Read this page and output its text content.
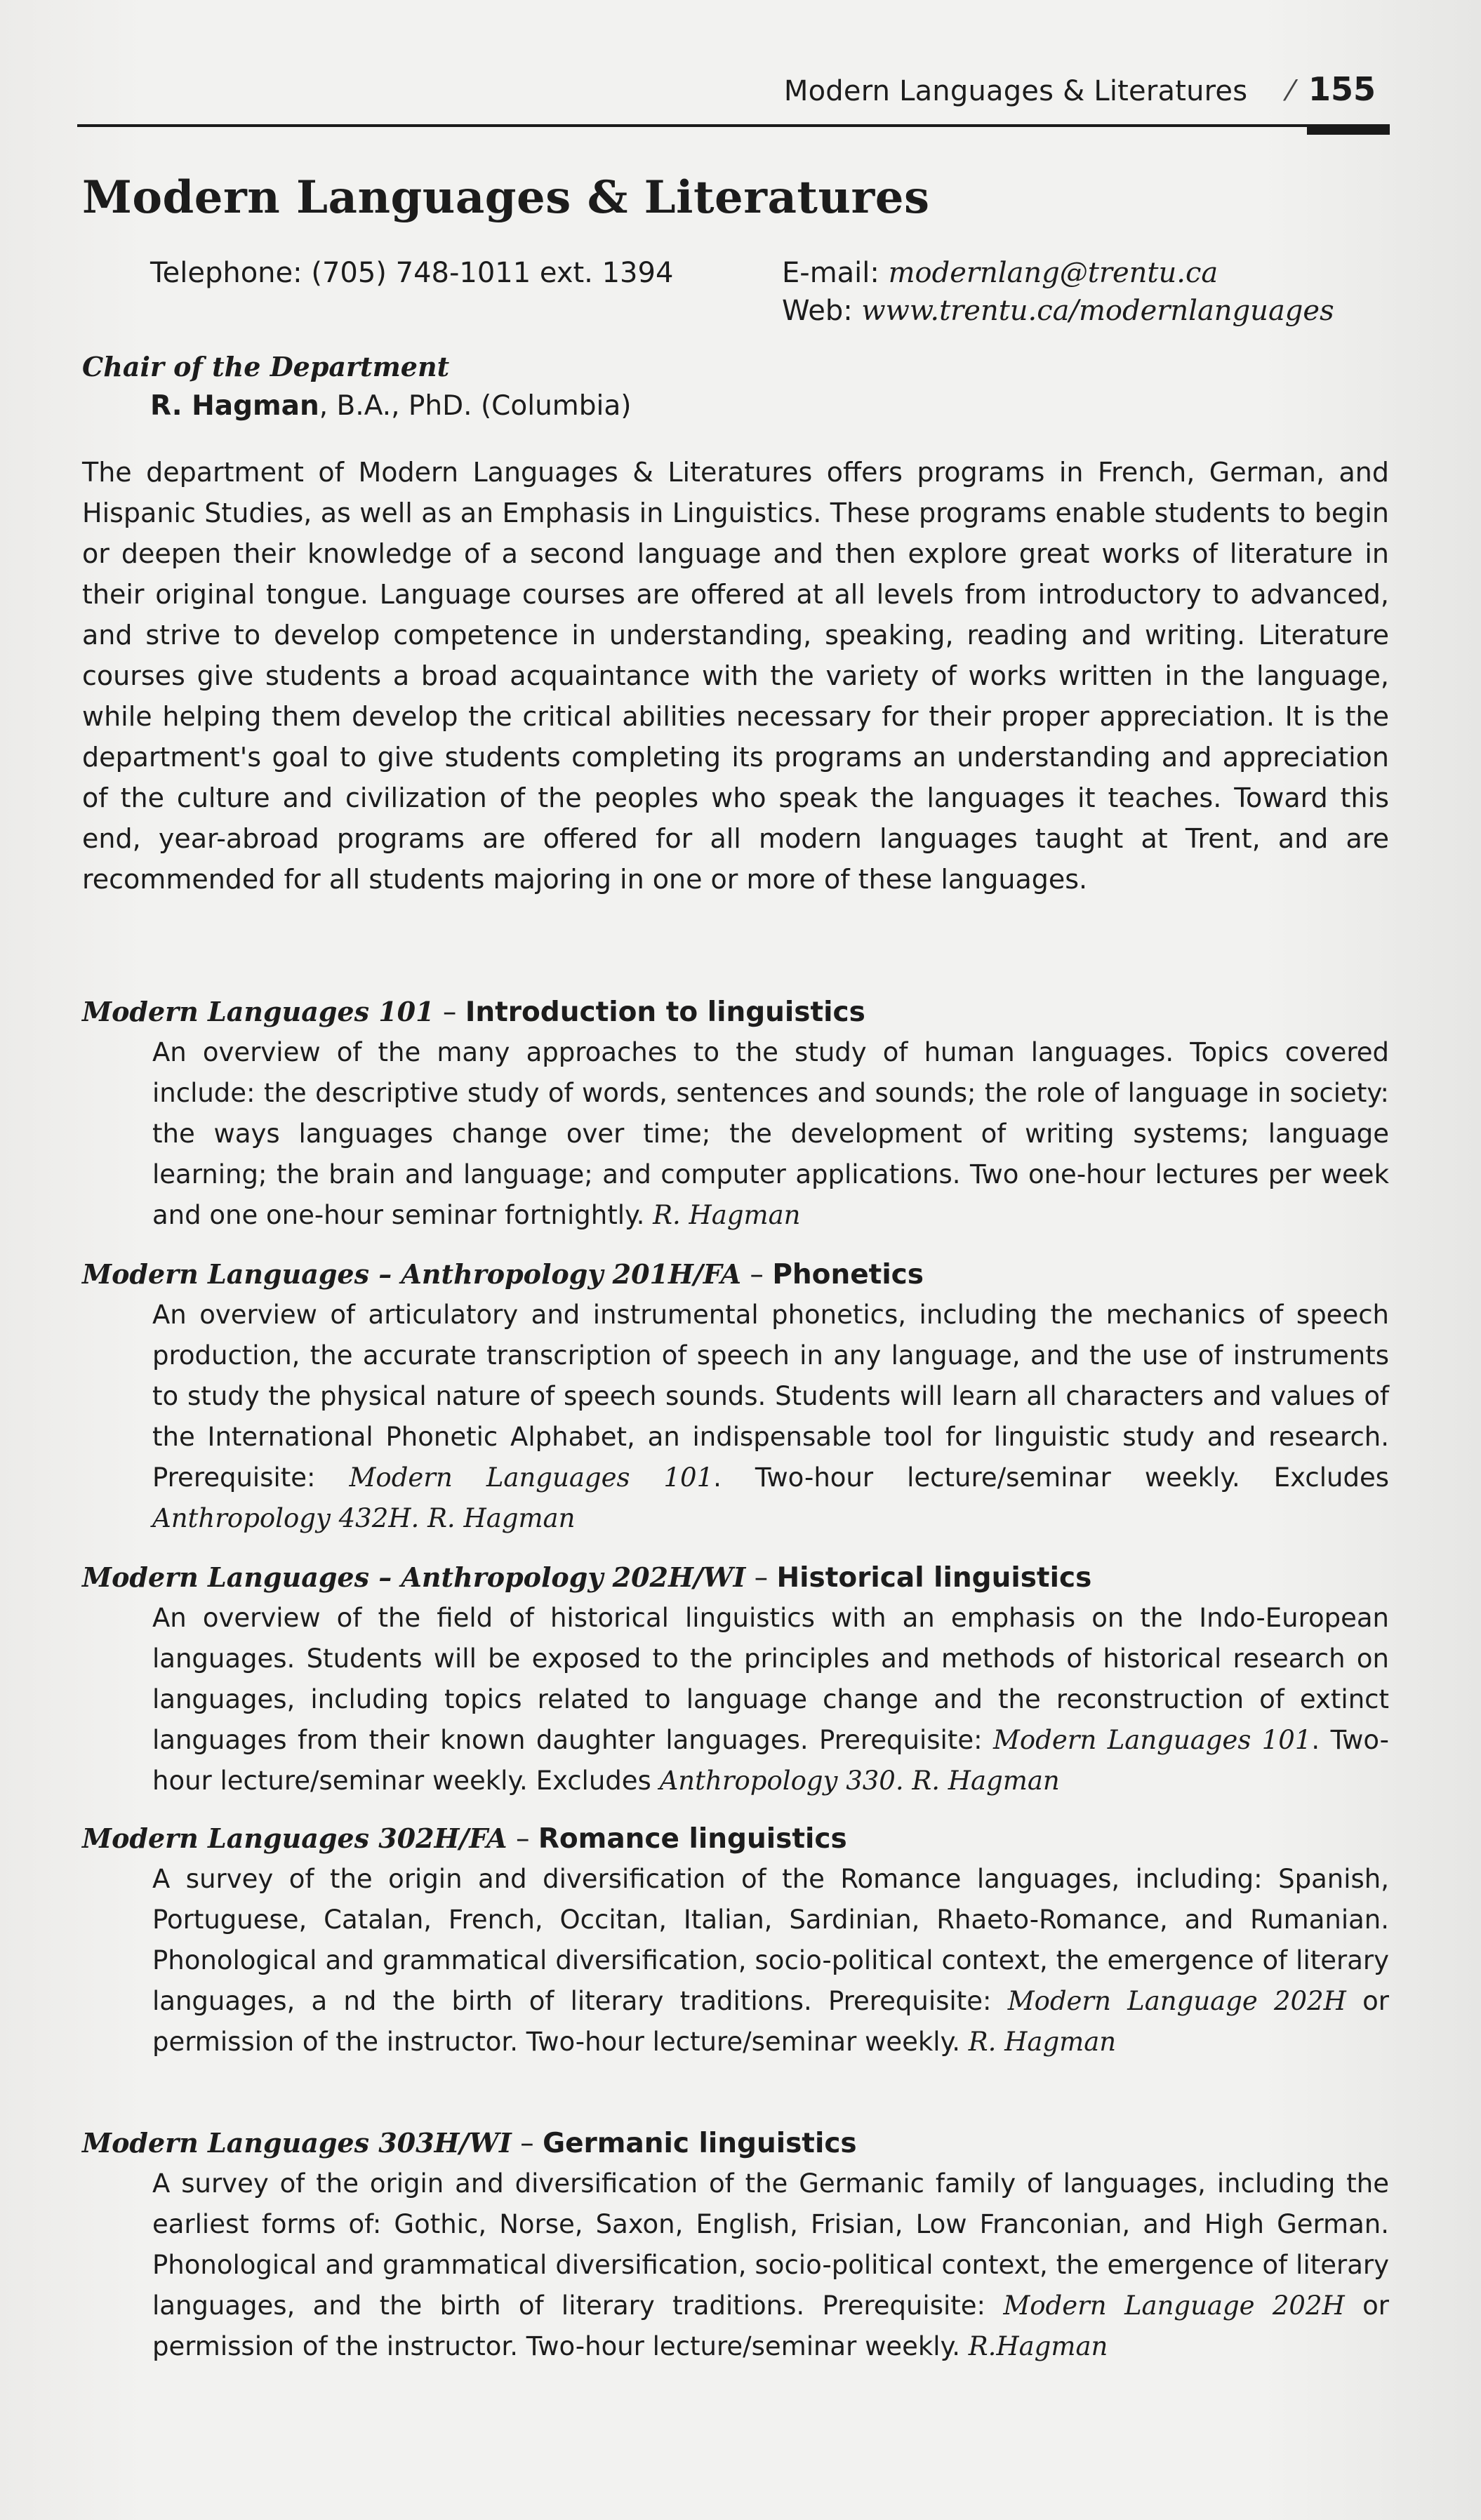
Modern Languages & Literatures ⁄ 155
Modern Languages & Literatures
Telephone: (705) 748-1011 ext. 1394	E-mail: modernlang@trentu.ca
Web: www.trentu.ca/modernlanguages
Chair of the Department
R. Hagman, B.A., PhD. (Columbia)

The department of Modern Languages & Literatures offers programs in French, German, and Hispanic Studies, as well as an Emphasis in Linguistics. These programs enable students to begin or deepen their knowledge of a second language and then explore great works of literature in their original tongue. Language courses are offered at all levels from introductory to advanced, and strive to develop competence in understanding, speaking, reading and writing. Literature courses give students a broad acquaintance with the variety of works written in the language, while helping them develop the critical abilities necessary for their proper appreciation. It is the department's goal to give students completing its programs an understanding and appreciation of the culture and civilization of the peoples who speak the languages it teaches. Toward this end, year-abroad programs are offered for all modern languages taught at Trent, and are recommended for all students majoring in one or more of these languages.

Modern Languages 101 – Introduction to linguistics

An overview of the many approaches to the study of human languages. Topics covered include: the descriptive study of words, sentences and sounds; the role of language in society: the ways languages change over time; the development of writing systems; language learning; the brain and language; and computer applications. Two one-hour lectures per week and one one-hour seminar fortnightly. R. Hagman

Modern Languages – Anthropology 201H/FA – Phonetics

An overview of articulatory and instrumental phonetics, including the mechanics of speech production, the accurate transcription of speech in any language, and the use of instruments to study the physical nature of speech sounds. Students will learn all characters and values of the International Phonetic Alphabet, an indispensable tool for linguistic study and research. Prerequisite: Modern Languages 101. Two-hour lecture/seminar weekly. Excludes Anthropology 432H. R. Hagman

Modern Languages – Anthropology 202H/WI – Historical linguistics

An overview of the field of historical linguistics with an emphasis on the Indo-European languages. Students will be exposed to the principles and methods of historical research on languages, including topics related to language change and the reconstruction of extinct languages from their known daughter languages. Prerequisite: Modern Languages 101. Two-hour lecture/seminar weekly. Excludes Anthropology 330. R. Hagman

Modern Languages 302H/FA – Romance linguistics

A survey of the origin and diversification of the Romance languages, including: Spanish, Portuguese, Catalan, French, Occitan, Italian, Sardinian, Rhaeto-Romance, and Rumanian. Phonological and grammatical diversification, socio-political context, the emergence of literary languages, a nd the birth of literary traditions. Prerequisite: Modern Language 202H or permission of the instructor. Two-hour lecture/seminar weekly. R. Hagman

Modern Languages 303H/WI – Germanic linguistics

A survey of the origin and diversification of the Germanic family of languages, including the earliest forms of: Gothic, Norse, Saxon, English, Frisian, Low Franconian, and High German. Phonological and grammatical diversification, socio-political context, the emergence of literary languages, and the birth of literary traditions. Prerequisite: Modern Language 202H or permission of the instructor. Two-hour lecture/seminar weekly. R.Hagman
